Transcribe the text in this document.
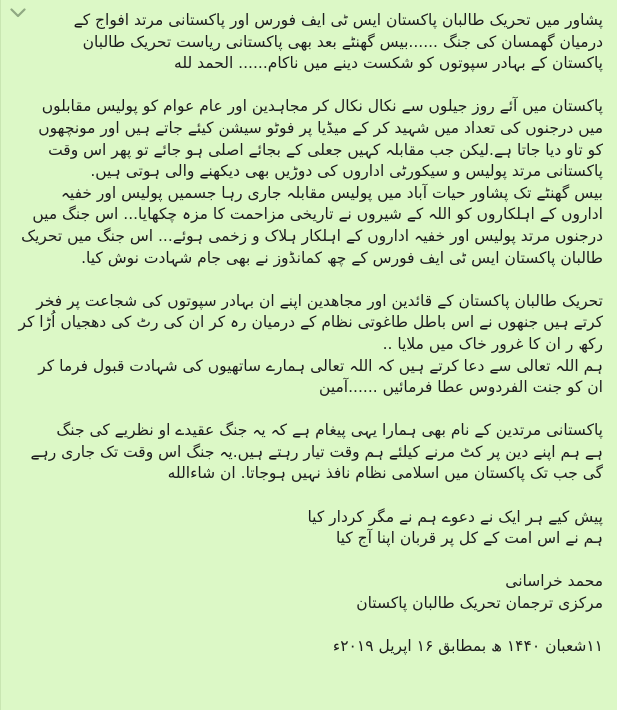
پشاور میں تحریک طالبان پاکستان ایس ٹی ایف فورس اور پاکستانی مرتد افواج کے
درمیان گھمسان کی جنگ ......بیس گھنٹے بعد بھی پاکستانی ریاست تحریک طالبان
پاکستان کے بہادر سپوتوں کو شکست دینے میں ناکام...... الحمد لله
پاکستان میں آئے روز جیلوں سے نکال نکال کر مجاہدین اور عام عوام کو پولیس مقابلوں
میں درجنوں کی تعداد میں شہید کر کے میڈیا پر فوٹو سیشن کیئے جاتے ہیں اور مونچھوں
کو تاو دیا جاتا ہے.لیکن جب مقابلہ کہیں جعلی کے بجائے اصلی ہو جائے تو پھر اس وقت
پاکستانی مرتد پولیس و سیکورٹی اداروں کی دوڑیں بھی دیکھنے والی ہوتی ہیں.
بیس گھنٹے تک پشاور حیات آباد میں پولیس مقابلہ جاری رہا جسمیں پولیس اور خفیہ
اداروں کے اہلکاروں کو اللہ کے شیروں نے تاریخی مزاحمت کا مزہ چکھایا... اس جنگ میں
درجنوں مرتد پولیس اور خفیہ اداروں کے اہلکار ہلاک و زخمی ہوئے... اس جنگ میں تحریک
طالبان پاکستان ایس ٹی ایف فورس کے چھ کمانڈوز نے بھی جام شہادت نوش کیا.
تحریک طالبان پاکستان کے قائدین اور مجاھدین اپنے ان بہادر سپوتوں کی شجاعت پر فخر
کرتے ہیں جنھوں نے اس باطل طاغوتی نظام کے درمیان رہ کر ان کی رٹ کی دھجیاں اُڑا کر
رکھ ر ان کا غرور خاک میں ملایا ..
ہم اللہ تعالی سے دعا کرتے ہیں کہ اللہ تعالی ہمارے ساتھیوں کی شہادت قبول فرما کر
ان کو جنت الفردوس عطا فرمائیں ......آمین
پاکستانی مرتدین کے نام بھی ہمارا یہی پیغام ہے کہ یہ جنگ عقیدے او نظریے کی جنگ
ہے ہم اپنے دین پر کٹ مرنے کیلئے ہم وقت تیار رہتے ہیں.یہ جنگ اس وقت تک جاری رہے
گی جب تک پاکستان میں اسلامی نظام نافذ نہیں ہوجاتا. ان شاءالله
پیش کیے ہر ایک نے دعوے ہم نے مگر کردار کیا
ہم نے اس امت کے کل پر قربان اپنا آج کیا
محمد خراسانی
مرکزی ترجمان تحریک طالبان پاکستان
۱۱شعبان ۱۴۴۰ ھ بمطابق ۱۶ اپریل ۲۰۱۹ء
